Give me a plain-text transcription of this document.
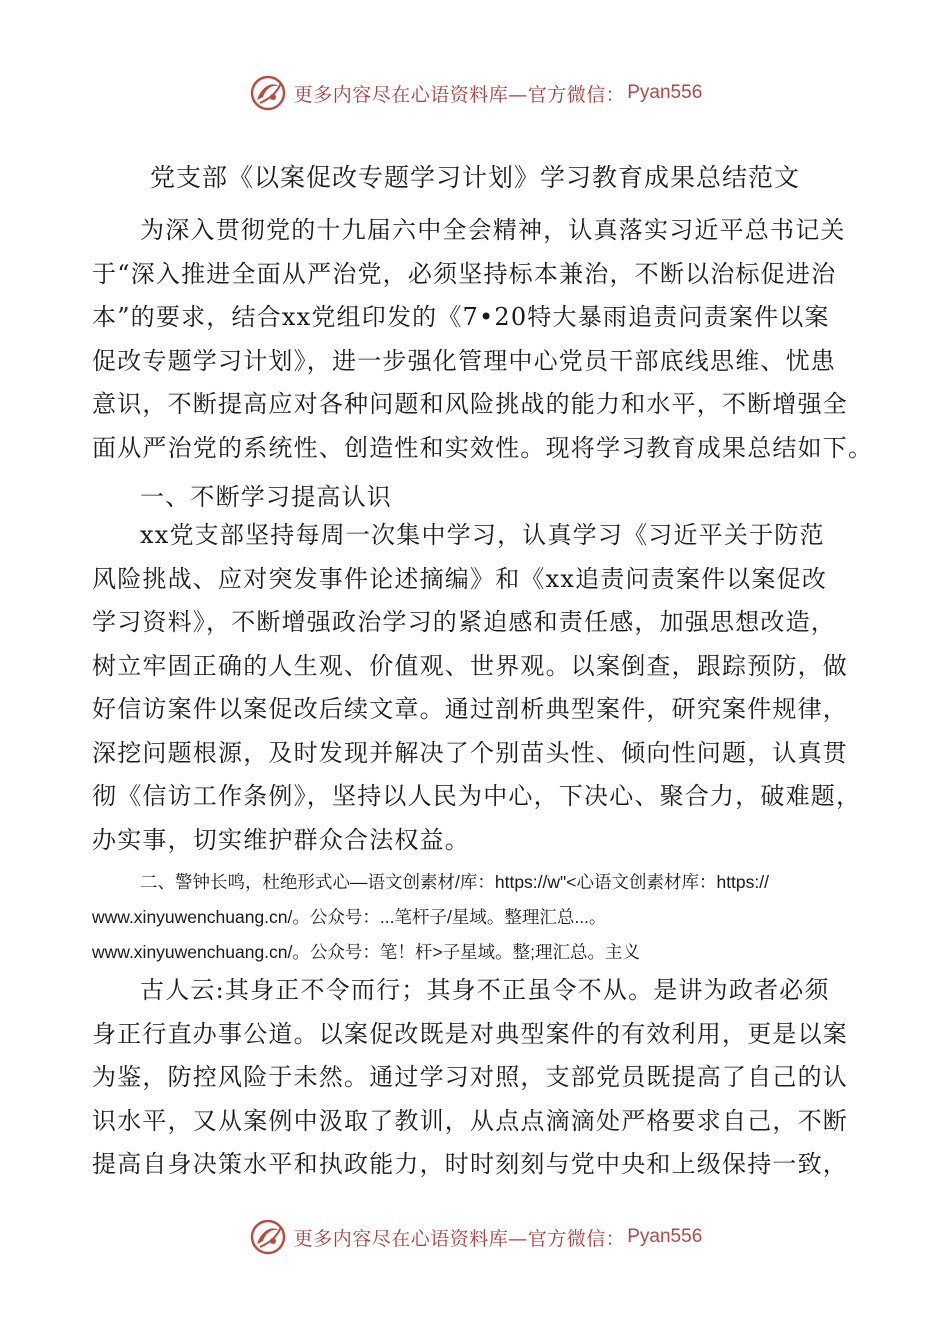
更多内容尽在心语资料库—官方微信： Pyan556
党支部《以案促改专题学习计划》学习教育成果总结范文
为深入贯彻党的十九届六中全会精神，认真落实习近平总书记关
于“深入推进全面从严治党，必须坚持标本兼治，不断以治标促进治
本”的要求，结合xx党组印发的《7•20特大暴雨追责问责案件以案
促改专题学习计划》，进一步强化管理中心党员干部底线思维、忧患
意识，不断提高应对各种问题和风险挑战的能力和水平，不断增强全
面从严治党的系统性、创造性和实效性。现将学习教育成果总结如下。
一、不断学习提高认识
xx党支部坚持每周一次集中学习，认真学习《习近平关于防范
风险挑战、应对突发事件论述摘编》和《xx追责问责案件以案促改
学习资料》，不断增强政治学习的紧迫感和责任感，加强思想改造，
树立牢固正确的人生观、价值观、世界观。以案倒查，跟踪预防，做
好信访案件以案促改后续文章。通过剖析典型案件，研究案件规律，
深挖问题根源，及时发现并解决了个别苗头性、倾向性问题，认真贯
彻《信访工作条例》，坚持以人民为中心，下决心、聚合力，破难题，
办实事，切实维护群众合法权益。
二、警钟长鸣，杜绝形式心—语文创素材/库：https://w"<心语文创素材库：https://
www.xinyuwenchuang.cn/。公众号：...笔杆子/星域。整理汇总...。
www.xinyuwenchuang.cn/。公众号：笔！杆>子星域。整;理汇总。主义
古人云:其身正不令而行；其身不正虽令不从。是讲为政者必须
身正行直办事公道。以案促改既是对典型案件的有效利用，更是以案
为鉴，防控风险于未然。通过学习对照，支部党员既提高了自己的认
识水平，又从案例中汲取了教训，从点点滴滴处严格要求自己，不断
提高自身决策水平和执政能力，时时刻刻与党中央和上级保持一致，
更多内容尽在心语资料库—官方微信： Pyan556
